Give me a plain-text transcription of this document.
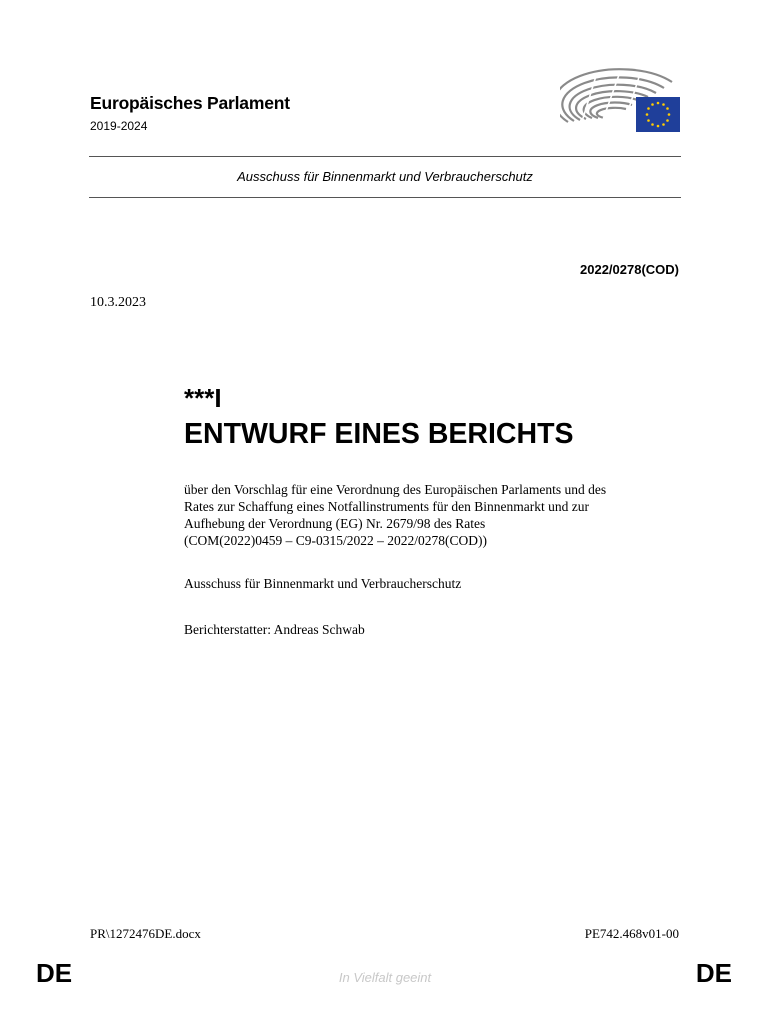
Europäisches Parlament
2019-2024
Ausschuss für Binnenmarkt und Verbraucherschutz
2022/0278(COD)
10.3.2023
***I
ENTWURF EINES BERICHTS
über den Vorschlag für eine Verordnung des Europäischen Parlaments und des
Rates zur Schaffung eines Notfallinstruments für den Binnenmarkt und zur
Aufhebung der Verordnung (EG) Nr. 2679/98 des Rates
(COM(2022)0459 – C9-0315/2022 – 2022/0278(COD))
Ausschuss für Binnenmarkt und Verbraucherschutz
Berichterstatter: Andreas Schwab
PR\1272476DE.docx	PE742.468v01-00
DE	In Vielfalt geeint	DE
